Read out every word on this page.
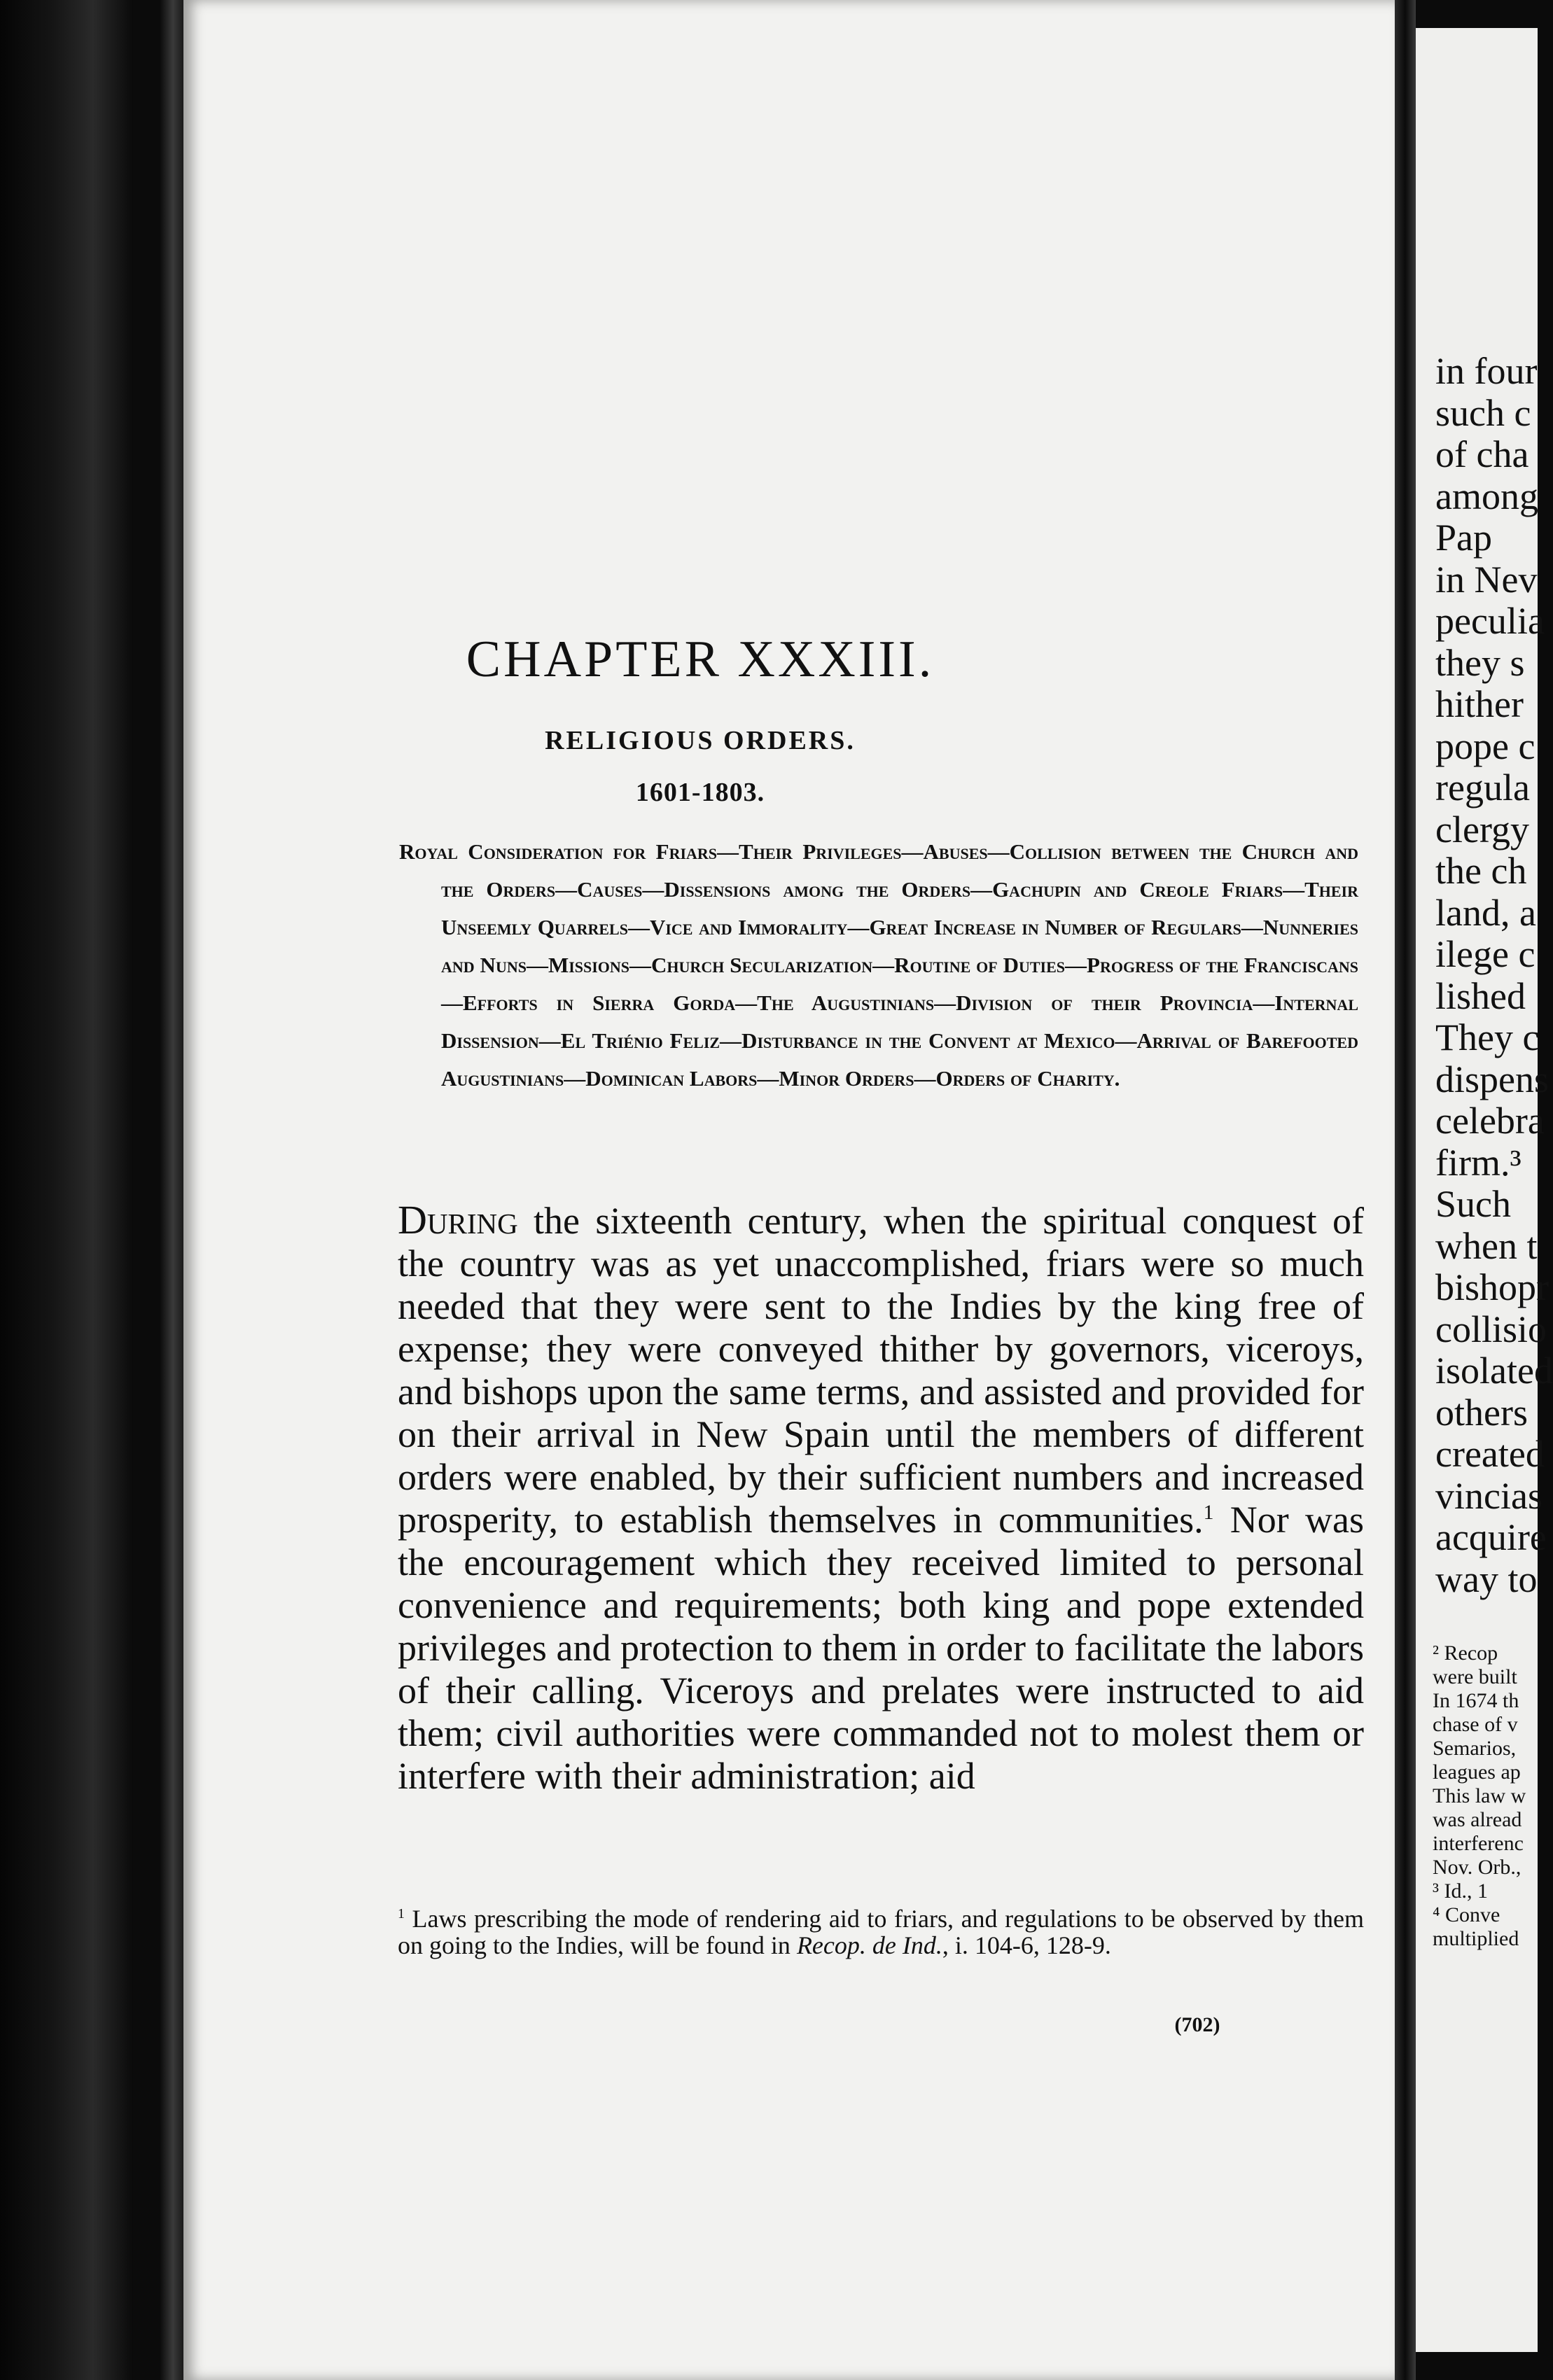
in four
such c
of cha
among
Pap
in Nev
peculia
they s
hither
pope c
regula
clergy
the ch
land, a
ilege c
lished
They c
dispens
celebra
firm.³
Such
when t
bishopr
collisio
isolated
others
created
vincias
acquire
way to
² Recop
were built
In 1674 th
chase of v
Semarios,
leagues ap
This law w
was alread
interferenc
Nov. Orb.,
³ Id., 1
⁴ Conve
multiplied
CHAPTER XXXIII.
RELIGIOUS ORDERS.
1601-1803.

Royal Consideration for Friars—Their Privileges—Abuses—Collision between the Church and the Orders—Causes—Dissensions among the Orders—Gachupin and Creole Friars—Their Unseemly Quarrels—Vice and Immorality—Great Increase in Number of Regulars—Nunneries and Nuns—Missions—Church Secularization—Routine of Duties—Progress of the Franciscans—Efforts in Sierra Gorda—The Augustinians—Division of their Provincia—Internal Dissension—El Triénio Feliz—Disturbance in the Convent at Mexico—Arrival of Barefooted Augustinians—Dominican Labors—Minor Orders—Orders of Charity.

During the sixteenth century, when the spiritual conquest of the country was as yet unaccomplished, friars were so much needed that they were sent to the Indies by the king free of expense; they were conveyed thither by governors, viceroys, and bishops upon the same terms, and assisted and provided for on their arrival in New Spain until the members of different orders were enabled, by their sufficient numbers and increased prosperity, to establish themselves in communities.$^1$ Nor was the encouragement which they received limited to personal convenience and requirements; both king and pope extended privileges and protection to them in order to facilitate the labors of their calling. Viceroys and prelates were instructed to aid them; civil authorities were commanded not to molest them or interfere with their administration; aid

$^1$ Laws prescribing the mode of rendering aid to friars, and regulations to be observed by them on going to the Indies, will be found in Recop. de Ind., i. 104-6, 128-9.

(702)
